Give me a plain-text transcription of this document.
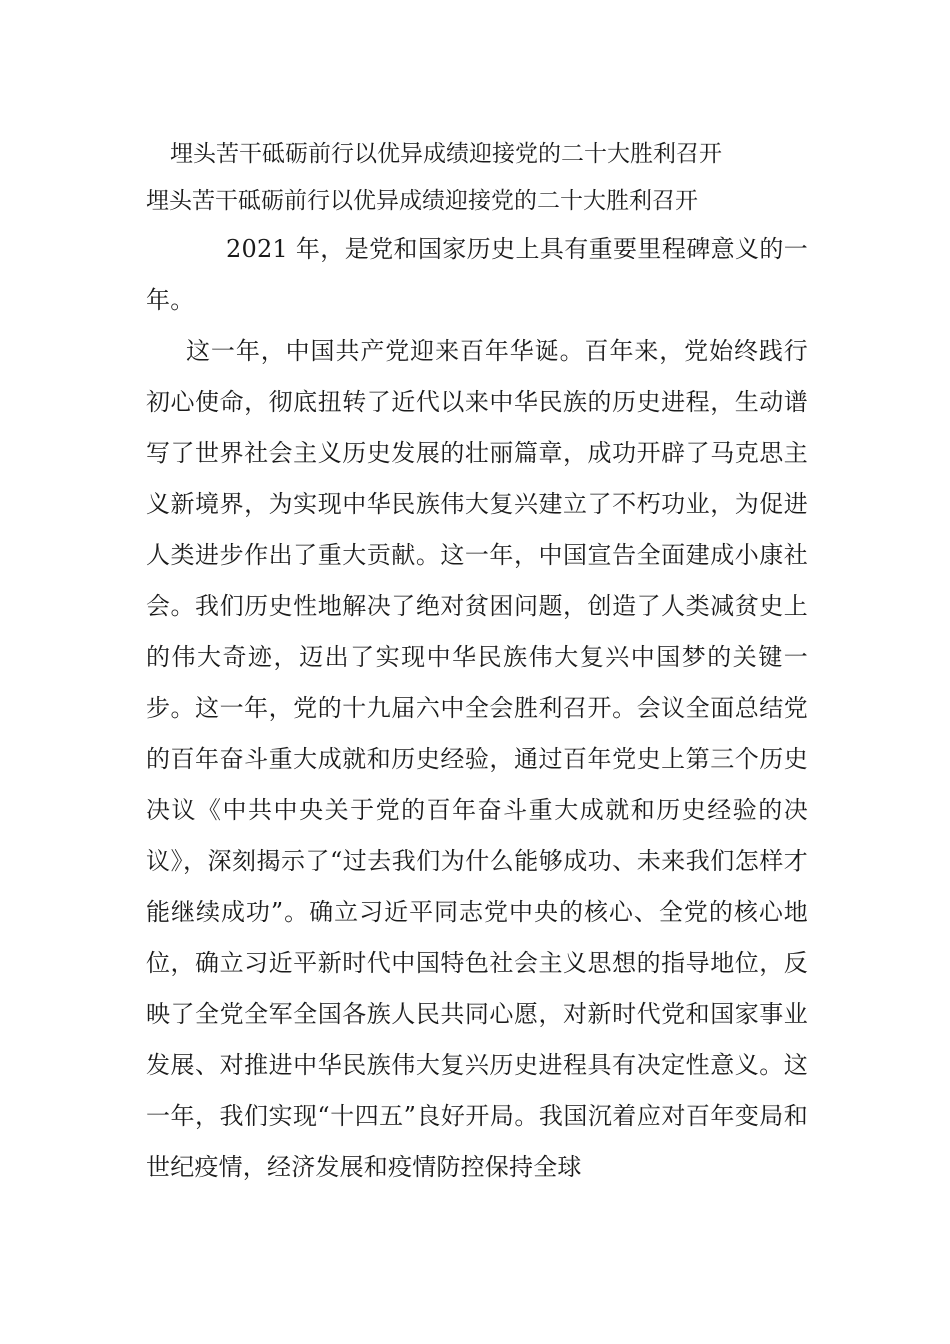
埋头苦干砥砺前行以优异成绩迎接党的二十大胜利召开
埋头苦干砥砺前行以优异成绩迎接党的二十大胜利召开

2021 年，是党和国家历史上具有重要里程碑意义的一年。

这一年，中国共产党迎来百年华诞。百年来，党始终践行初心使命，彻底扭转了近代以来中华民族的历史进程，生动谱写了世界社会主义历史发展的壮丽篇章，成功开辟了马克思主义新境界，为实现中华民族伟大复兴建立了不朽功业，为促进人类进步作出了重大贡献。这一年，中国宣告全面建成小康社会。我们历史性地解决了绝对贫困问题，创造了人类减贫史上的伟大奇迹，迈出了实现中华民族伟大复兴中国梦的关键一步。这一年，党的十九届六中全会胜利召开。会议全面总结党的百年奋斗重大成就和历史经验，通过百年党史上第三个历史决议《中共中央关于党的百年奋斗重大成就和历史经验的决议》，深刻揭示了“过去我们为什么能够成功、未来我们怎样才能继续成功”。确立习近平同志党中央的核心、全党的核心地位，确立习近平新时代中国特色社会主义思想的指导地位，反映了全党全军全国各族人民共同心愿，对新时代党和国家事业发展、对推进中华民族伟大复兴历史进程具有决定性意义。这一年，我们实现“十四五”良好开局。我国沉着应对百年变局和世纪疫情，经济发展和疫情防控保持全球
